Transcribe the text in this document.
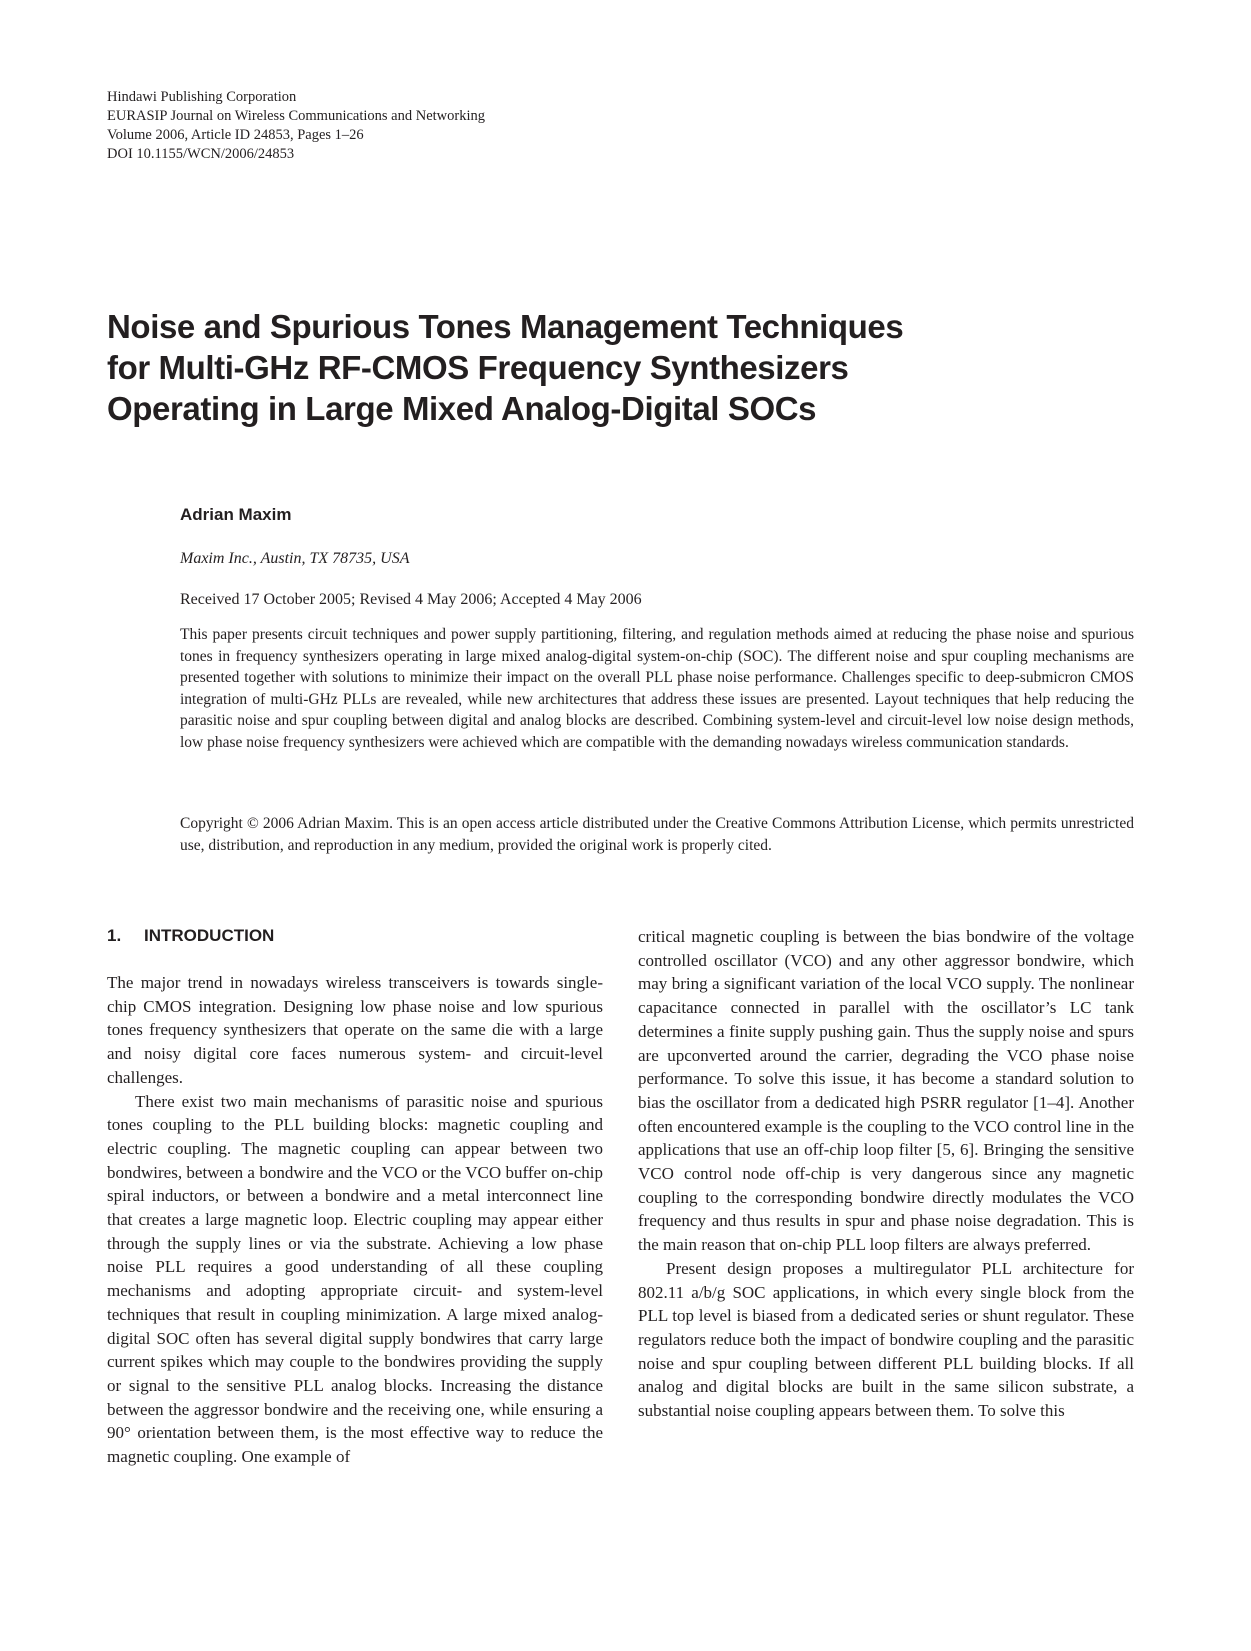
Hindawi Publishing Corporation
EURASIP Journal on Wireless Communications and Networking
Volume 2006, Article ID 24853, Pages 1–26
DOI 10.1155/WCN/2006/24853
Noise and Spurious Tones Management Techniques
for Multi-GHz RF-CMOS Frequency Synthesizers
Operating in Large Mixed Analog-Digital SOCs
Adrian Maxim
Maxim Inc., Austin, TX 78735, USA
Received 17 October 2005; Revised 4 May 2006; Accepted 4 May 2006

This paper presents circuit techniques and power supply partitioning, filtering, and regulation methods aimed at reducing the phase noise and spurious tones in frequency synthesizers operating in large mixed analog-digital system-on-chip (SOC). The different noise and spur coupling mechanisms are presented together with solutions to minimize their impact on the overall PLL phase noise performance. Challenges specific to deep-submicron CMOS integration of multi-GHz PLLs are revealed, while new architectures that address these issues are presented. Layout techniques that help reducing the parasitic noise and spur coupling between digital and analog blocks are described. Combining system-level and circuit-level low noise design methods, low phase noise frequency synthesizers were achieved which are compatible with the demanding nowadays wireless communication standards.

Copyright © 2006 Adrian Maxim. This is an open access article distributed under the Creative Commons Attribution License, which permits unrestricted use, distribution, and reproduction in any medium, provided the original work is properly cited.

1. INTRODUCTION

The major trend in nowadays wireless transceivers is towards single-chip CMOS integration. Designing low phase noise and low spurious tones frequency synthesizers that operate on the same die with a large and noisy digital core faces numerous system- and circuit-level challenges.

There exist two main mechanisms of parasitic noise and spurious tones coupling to the PLL building blocks: magnetic coupling and electric coupling. The magnetic coupling can appear between two bondwires, between a bondwire and the VCO or the VCO buffer on-chip spiral inductors, or between a bondwire and a metal interconnect line that creates a large magnetic loop. Electric coupling may appear either through the supply lines or via the substrate. Achieving a low phase noise PLL requires a good understanding of all these coupling mechanisms and adopting appropriate circuit- and system-level techniques that result in coupling minimization. A large mixed analog-digital SOC often has several digital supply bondwires that carry large current spikes which may couple to the bondwires providing the supply or signal to the sensitive PLL analog blocks. Increasing the distance between the aggressor bondwire and the receiving one, while ensuring a 90° orientation between them, is the most effective way to reduce the magnetic coupling. One example of

critical magnetic coupling is between the bias bondwire of the voltage controlled oscillator (VCO) and any other aggressor bondwire, which may bring a significant variation of the local VCO supply. The nonlinear capacitance connected in parallel with the oscillator’s LC tank determines a finite supply pushing gain. Thus the supply noise and spurs are upconverted around the carrier, degrading the VCO phase noise performance. To solve this issue, it has become a standard solution to bias the oscillator from a dedicated high PSRR regulator [1–4]. Another often encountered example is the coupling to the VCO control line in the applications that use an off-chip loop filter [5, 6]. Bringing the sensitive VCO control node off-chip is very dangerous since any magnetic coupling to the corresponding bondwire directly modulates the VCO frequency and thus results in spur and phase noise degradation. This is the main reason that on-chip PLL loop filters are always preferred.

Present design proposes a multiregulator PLL architecture for 802.11 a/b/g SOC applications, in which every single block from the PLL top level is biased from a dedicated series or shunt regulator. These regulators reduce both the impact of bondwire coupling and the parasitic noise and spur coupling between different PLL building blocks. If all analog and digital blocks are built in the same silicon substrate, a substantial noise coupling appears between them. To solve this
